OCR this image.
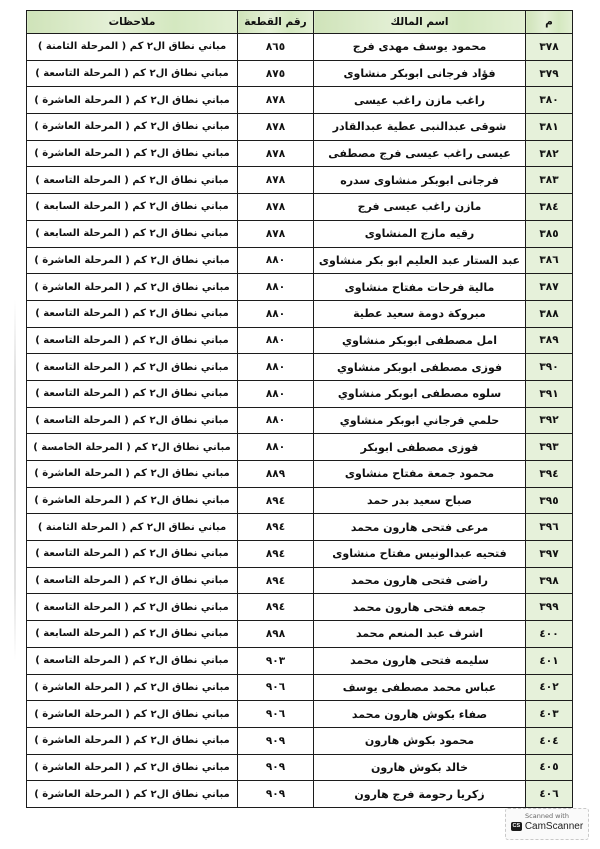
م	اسم المالك	رقم القطعة	ملاحظات
٣٧٨	محمود يوسف مهدى فرج	٨٦٥	مباني نطاق ال٢ كم ( المرحلة الثامنة )
٣٧٩	فؤاد فرجانى ابوبكر منشاوى	٨٧٥	مباني نطاق ال٢ كم ( المرحلة التاسعة )
٣٨٠	راغب مازن راغب عيسى	٨٧٨	مباني نطاق ال٢ كم ( المرحلة العاشرة )
٣٨١	شوقى عبدالنبى عطية عبدالقادر	٨٧٨	مباني نطاق ال٢ كم ( المرحلة العاشرة )
٣٨٢	عيسى راغب عيسى فرج مصطفى	٨٧٨	مباني نطاق ال٢ كم ( المرحلة العاشرة )
٣٨٣	فرجانى ابوبكر منشاوى سدره	٨٧٨	مباني نطاق ال٢ كم ( المرحلة التاسعة )
٣٨٤	مازن راغب عيسى فرج	٨٧٨	مباني نطاق ال٢ كم ( المرحلة السابعة )
٣٨٥	رقيه مازج المنشاوى	٨٧٨	مباني نطاق ال٢ كم ( المرحلة السابعة )
٣٨٦	عبد الستار عبد العليم ابو بكر منشاوى	٨٨٠	مباني نطاق ال٢ كم ( المرحلة العاشرة )
٣٨٧	مالية فرحات مفتاح منشاوى	٨٨٠	مباني نطاق ال٢ كم ( المرحلة العاشرة )
٣٨٨	مبروكة دومة سعيد عطية	٨٨٠	مباني نطاق ال٢ كم ( المرحلة التاسعة )
٣٨٩	امل مصطفى ابوبكر منشاوي	٨٨٠	مباني نطاق ال٢ كم ( المرحلة التاسعة )
٣٩٠	فوزى مصطفى ابوبكر منشاوي	٨٨٠	مباني نطاق ال٢ كم ( المرحلة التاسعة )
٣٩١	سلوه مصطفى ابوبكر منشاوي	٨٨٠	مباني نطاق ال٢ كم ( المرحلة التاسعة )
٣٩٢	حلمي فرجاني ابوبكر منشاوي	٨٨٠	مباني نطاق ال٢ كم ( المرحلة التاسعة )
٣٩٣	فوزى مصطفى ابوبكر	٨٨٠	مباني نطاق ال٢ كم ( المرحلة الخامسة )
٣٩٤	محمود جمعة مفتاح منشاوى	٨٨٩	مباني نطاق ال٢ كم ( المرحلة العاشرة )
٣٩٥	صباح سعيد بدر حمد	٨٩٤	مباني نطاق ال٢ كم ( المرحلة العاشرة )
٣٩٦	مرعى فتحى هارون محمد	٨٩٤	مباني نطاق ال٢ كم ( المرحلة الثامنة )
٣٩٧	فتحيه عبدالونيس مفتاح منشاوى	٨٩٤	مباني نطاق ال٢ كم ( المرحلة التاسعة )
٣٩٨	راضى فتحى هارون محمد	٨٩٤	مباني نطاق ال٢ كم ( المرحلة التاسعة )
٣٩٩	جمعه فتحى هارون محمد	٨٩٤	مباني نطاق ال٢ كم ( المرحلة التاسعة )
٤٠٠	اشرف عبد المنعم محمد	٨٩٨	مباني نطاق ال٢ كم ( المرحلة السابعة )
٤٠١	سليمه فتحى هارون محمد	٩٠٣	مباني نطاق ال٢ كم ( المرحلة التاسعة )
٤٠٢	عباس محمد مصطفى يوسف	٩٠٦	مباني نطاق ال٢ كم ( المرحلة العاشرة )
٤٠٣	صفاء بكوش هارون محمد	٩٠٦	مباني نطاق ال٢ كم ( المرحلة العاشرة )
٤٠٤	محمود بكوش هارون	٩٠٩	مباني نطاق ال٢ كم ( المرحلة العاشرة )
٤٠٥	خالد بكوش هارون	٩٠٩	مباني نطاق ال٢ كم ( المرحلة العاشرة )
٤٠٦	زكريا رحومة فرج هارون	٩٠٩	مباني نطاق ال٢ كم ( المرحلة العاشرة )
Scanned with
CS CamScanner
